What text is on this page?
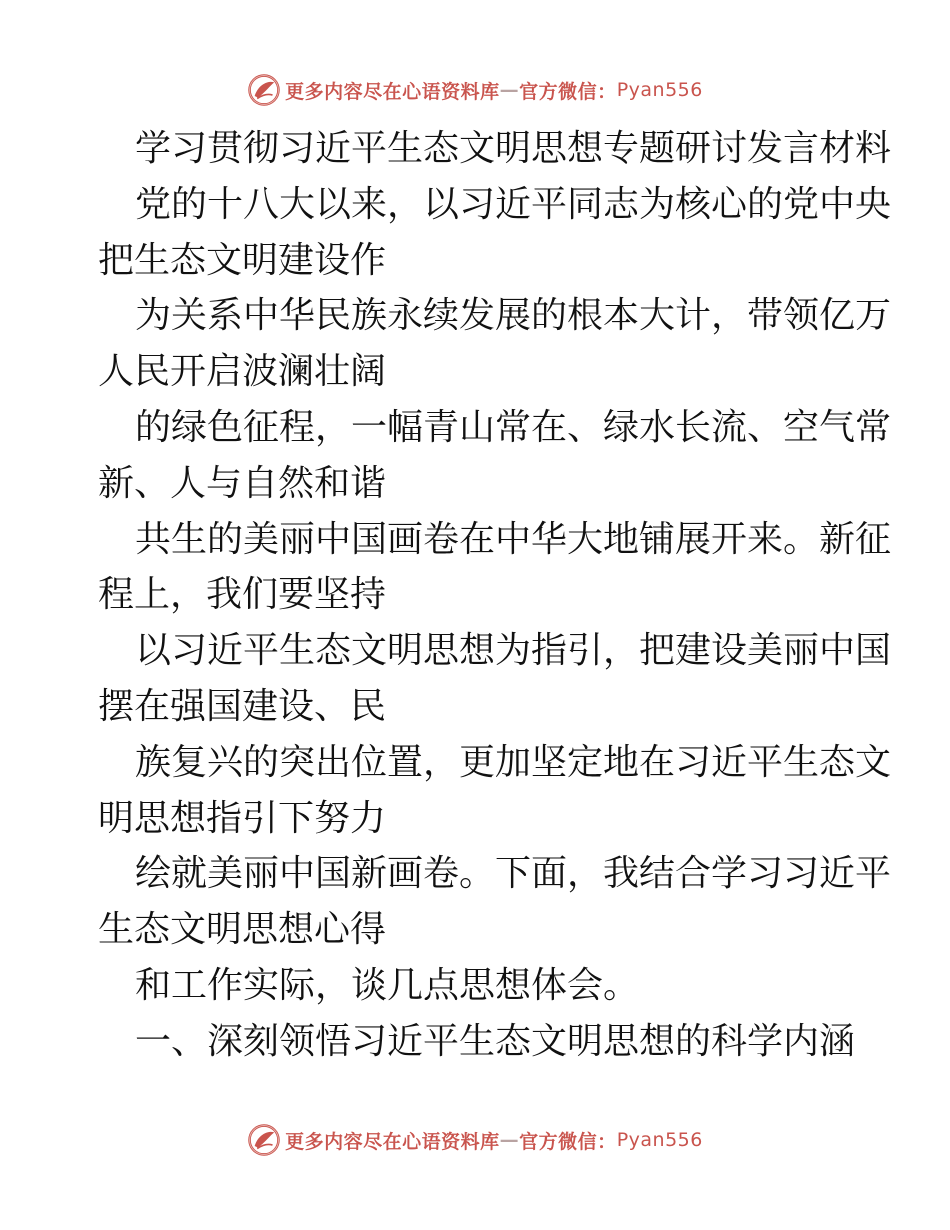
更多内容尽在心语资料库 — 官方微信： Pyan556
学习贯彻习近平生态文明思想专题研讨发言材料
党的十八大以来，以习近平同志为核心的党中央
把生态文明建设作
为关系中华民族永续发展的根本大计，带领亿万
人民开启波澜壮阔
的绿色征程，一幅青山常在、绿水长流、空气常
新、人与自然和谐
共生的美丽中国画卷在中华大地铺展开来。新征
程上，我们要坚持
以习近平生态文明思想为指引，把建设美丽中国
摆在强国建设、民
族复兴的突出位置，更加坚定地在习近平生态文
明思想指引下努力
绘就美丽中国新画卷。下面，我结合学习习近平
生态文明思想心得
和工作实际，谈几点思想体会。
一、深刻领悟习近平生态文明思想的科学内涵
更多内容尽在心语资料库 — 官方微信： Pyan556
